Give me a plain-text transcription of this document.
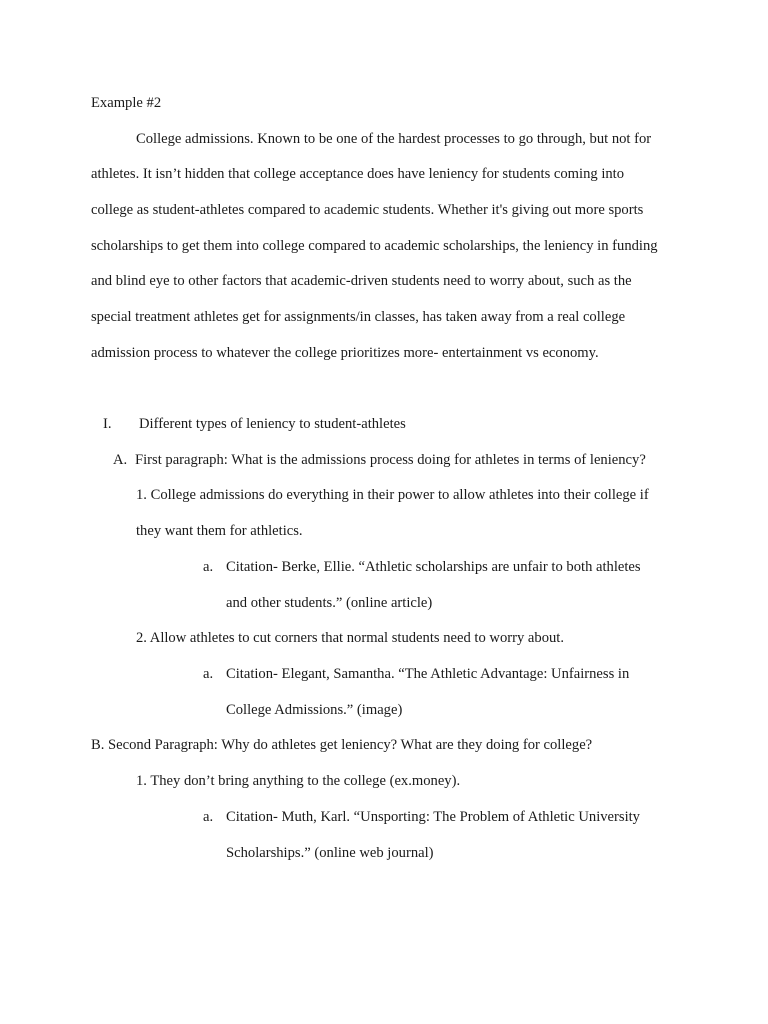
Example #2
College admissions. Known to be one of the hardest processes to go through, but not for
athletes. It isn’t hidden that college acceptance does have leniency for students coming into
college as student-athletes compared to academic students. Whether it's giving out more sports
scholarships to get them into college compared to academic scholarships, the leniency in funding
and blind eye to other factors that academic-driven students need to worry about, such as the
special treatment athletes get for assignments/in classes, has taken away from a real college
admission process to whatever the college prioritizes more- entertainment vs economy.
I. Different types of leniency to student-athletes
A. First paragraph: What is the admissions process doing for athletes in terms of leniency?
1. College admissions do everything in their power to allow athletes into their college if
they want them for athletics.
a. Citation- Berke, Ellie. “Athletic scholarships are unfair to both athletes
and other students.” (online article)
2. Allow athletes to cut corners that normal students need to worry about.
a. Citation- Elegant, Samantha. “The Athletic Advantage: Unfairness in
College Admissions.” (image)
B. Second Paragraph: Why do athletes get leniency? What are they doing for college?
1. They don’t bring anything to the college (ex.money).
a. Citation- Muth, Karl. “Unsporting: The Problem of Athletic University
Scholarships.” (online web journal)
